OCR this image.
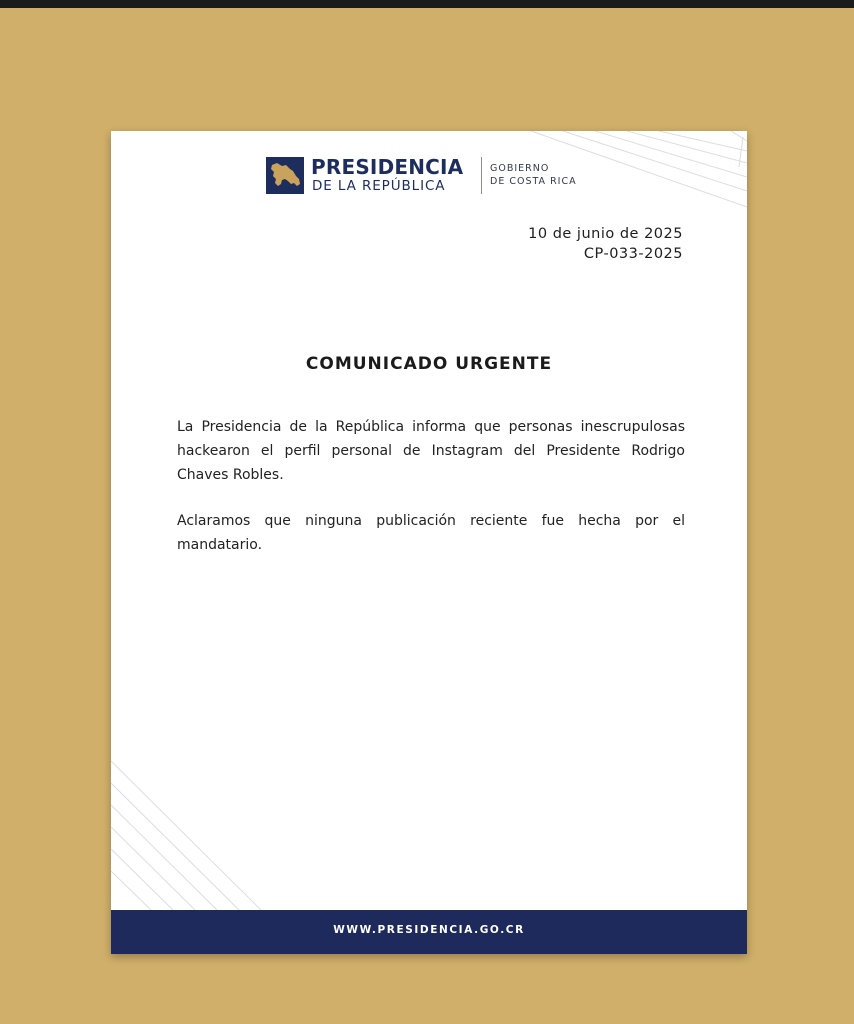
PRESIDENCIA
DE LA REPÚBLICA
GOBIERNO
DE COSTA RICA
10 de junio de 2025
CP-033-2025
COMUNICADO URGENTE

La Presidencia de la República informa que personas inescrupulosas hackearon el perfil personal de Instagram del Presidente Rodrigo Chaves Robles.

Aclaramos que ninguna publicación reciente fue hecha por el mandatario.

WWW.PRESIDENCIA.GO.CR
